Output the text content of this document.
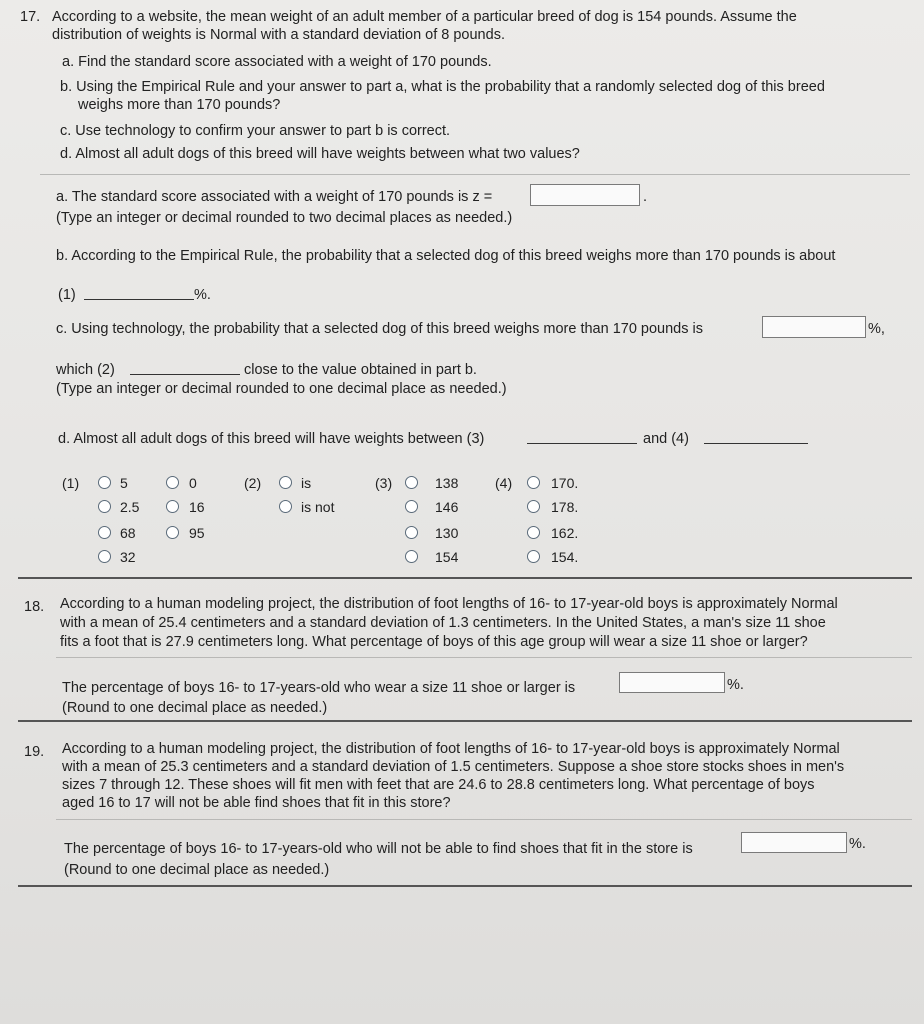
17. According to a website, the mean weight of an adult member of a particular breed of dog is 154 pounds. Assume the
distribution of weights is Normal with a standard deviation of 8 pounds.
a. Find the standard score associated with a weight of 170 pounds.
b. Using the Empirical Rule and your answer to part a, what is the probability that a randomly selected dog of this breed
weighs more than 170 pounds?
c. Use technology to confirm your answer to part b is correct.
d. Almost all adult dogs of this breed will have weights between what two values?
a. The standard score associated with a weight of 170 pounds is z =	.
(Type an integer or decimal rounded to two decimal places as needed.)
b. According to the Empirical Rule, the probability that a selected dog of this breed weighs more than 170 pounds is about
(1)	%.
c. Using technology, the probability that a selected dog of this breed weighs more than 170 pounds is	%,
which (2)	close to the value obtained in part b.
(Type an integer or decimal rounded to one decimal place as needed.)
d. Almost all adult dogs of this breed will have weights between (3)	and (4)
(1)	5	0
2.5	16
68	95
32
(2)	is
is not
(3)	138
146
130
154
(4)	170.
178.
162.
154.
18. According to a human modeling project, the distribution of foot lengths of 16- to 17-year-old boys is approximately Normal
with a mean of 25.4 centimeters and a standard deviation of 1.3 centimeters. In the United States, a man's size 11 shoe
fits a foot that is 27.9 centimeters long. What percentage of boys of this age group will wear a size 11 shoe or larger?
The percentage of boys 16- to 17-years-old who wear a size 11 shoe or larger is	%.
(Round to one decimal place as needed.)
19. According to a human modeling project, the distribution of foot lengths of 16- to 17-year-old boys is approximately Normal
with a mean of 25.3 centimeters and a standard deviation of 1.5 centimeters. Suppose a shoe store stocks shoes in men's
sizes 7 through 12. These shoes will fit men with feet that are 24.6 to 28.8 centimeters long. What percentage of boys
aged 16 to 17 will not be able find shoes that fit in this store?
The percentage of boys 16- to 17-years-old who will not be able to find shoes that fit in the store is	%.
(Round to one decimal place as needed.)
